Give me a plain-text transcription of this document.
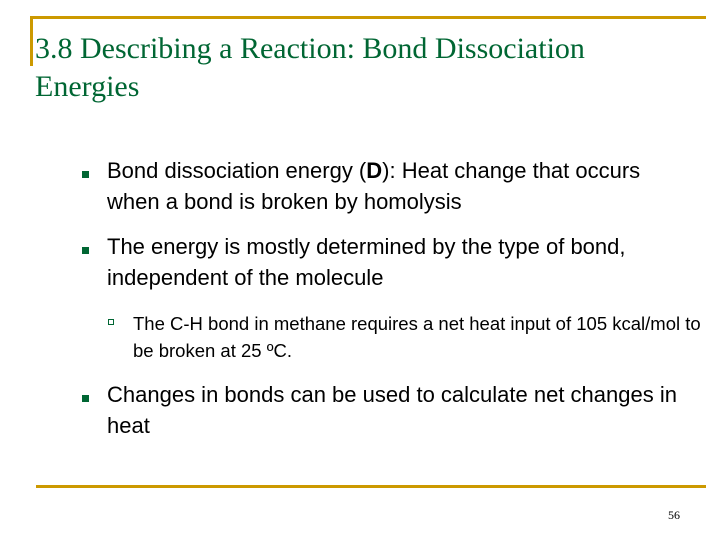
3.8 Describing a Reaction: Bond Dissociation
Energies
Bond dissociation energy (D): Heat change that occurs when a bond is broken by homolysis
The energy is mostly determined by the type of bond, independent of the molecule
The C-H bond in methane requires a net heat input of 105 kcal/mol to be broken at 25 ºC.
Changes in bonds can be used to calculate net changes in heat
56
